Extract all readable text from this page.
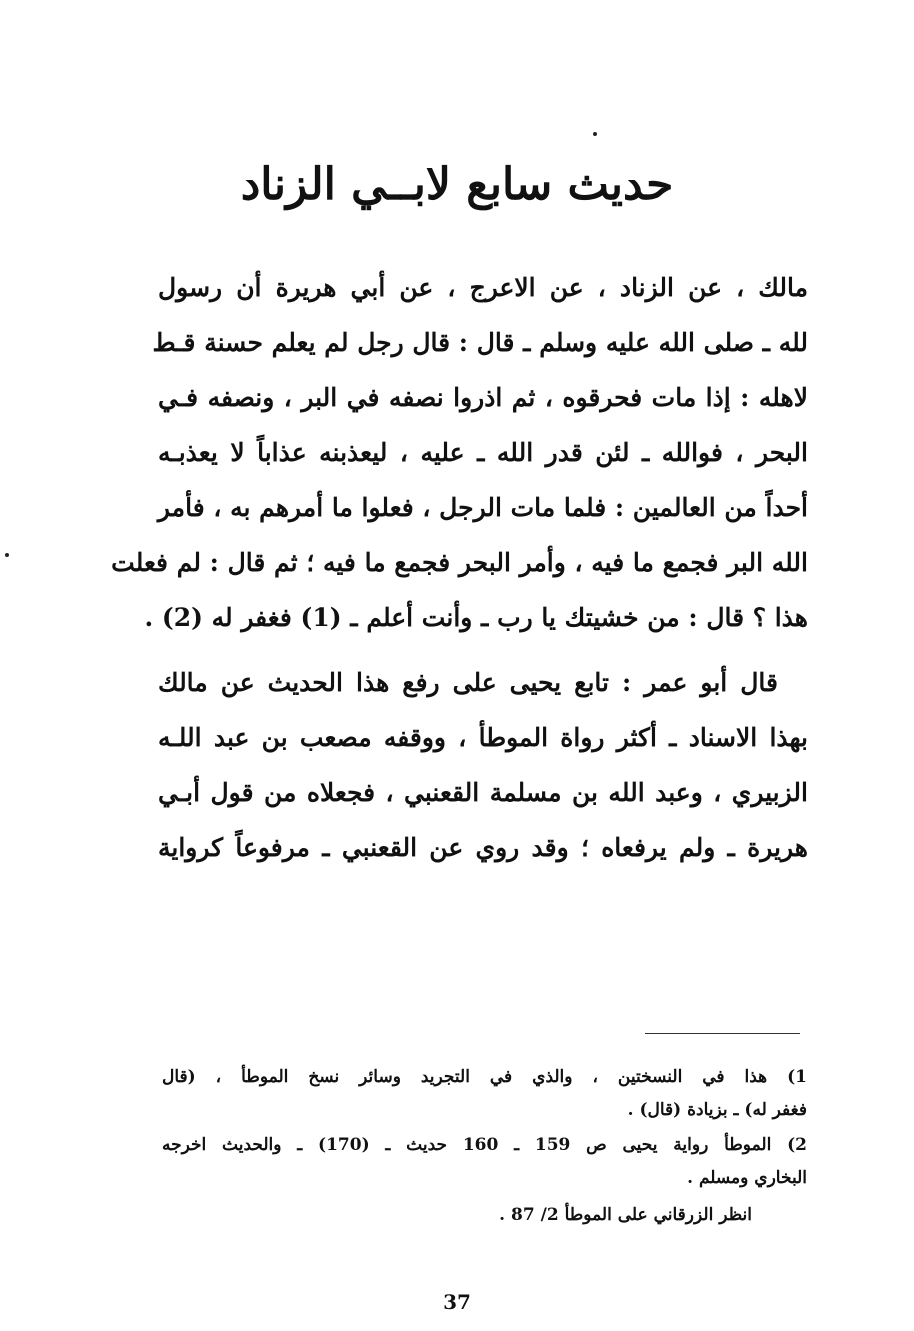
حديث سابع لابــي الزناد
مالك ، عن الزناد ، عن الاعرج ، عن أبي هريرة أن رسول
لله ـ صلى الله عليه وسلم ـ قال : قال رجل لم يعلم حسنة قـط
لاهله : إذا مات فحرقوه ، ثم اذروا نصفه في البر ، ونصفه فـي
البحر ، فوالله ـ لئن قدر الله ـ عليه ، ليعذبنه عذاباً لا يعذبـه
أحداً من العالمين : فلما مات الرجل ، فعلوا ما أمرهم به ، فأمر
الله البر فجمع ما فيه ، وأمر البحر فجمع ما فيه ؛ ثم قال : لم فعلت
هذا ؟ قال : من خشيتك يا رب ـ وأنت أعلم ـ (1) فغفر له (2) .
قال أبو عمر : تابع يحيى على رفع هذا الحديث عن مالك
بهذا الاسناد ـ أكثر رواة الموطأ ، ووقفه مصعب بن عبد اللـه
الزبيري ، وعبد الله بن مسلمة القعنبي ، فجعلاه من قول أبـي
هريرة ـ ولم يرفعاه ؛ وقد روي عن القعنبي ـ مرفوعاً كرواية
1) هذا في النسختين ، والذي في التجريد وسائر نسخ الموطأ ، (قال
فغفر له) ـ بزيادة (قال) .
2) الموطأ رواية يحيى ص 159 ـ 160 حديث ـ (170) ـ والحديث اخرجه
البخاري ومسلم .
انظر الزرقاني على الموطأ 2/ 87 .
37
